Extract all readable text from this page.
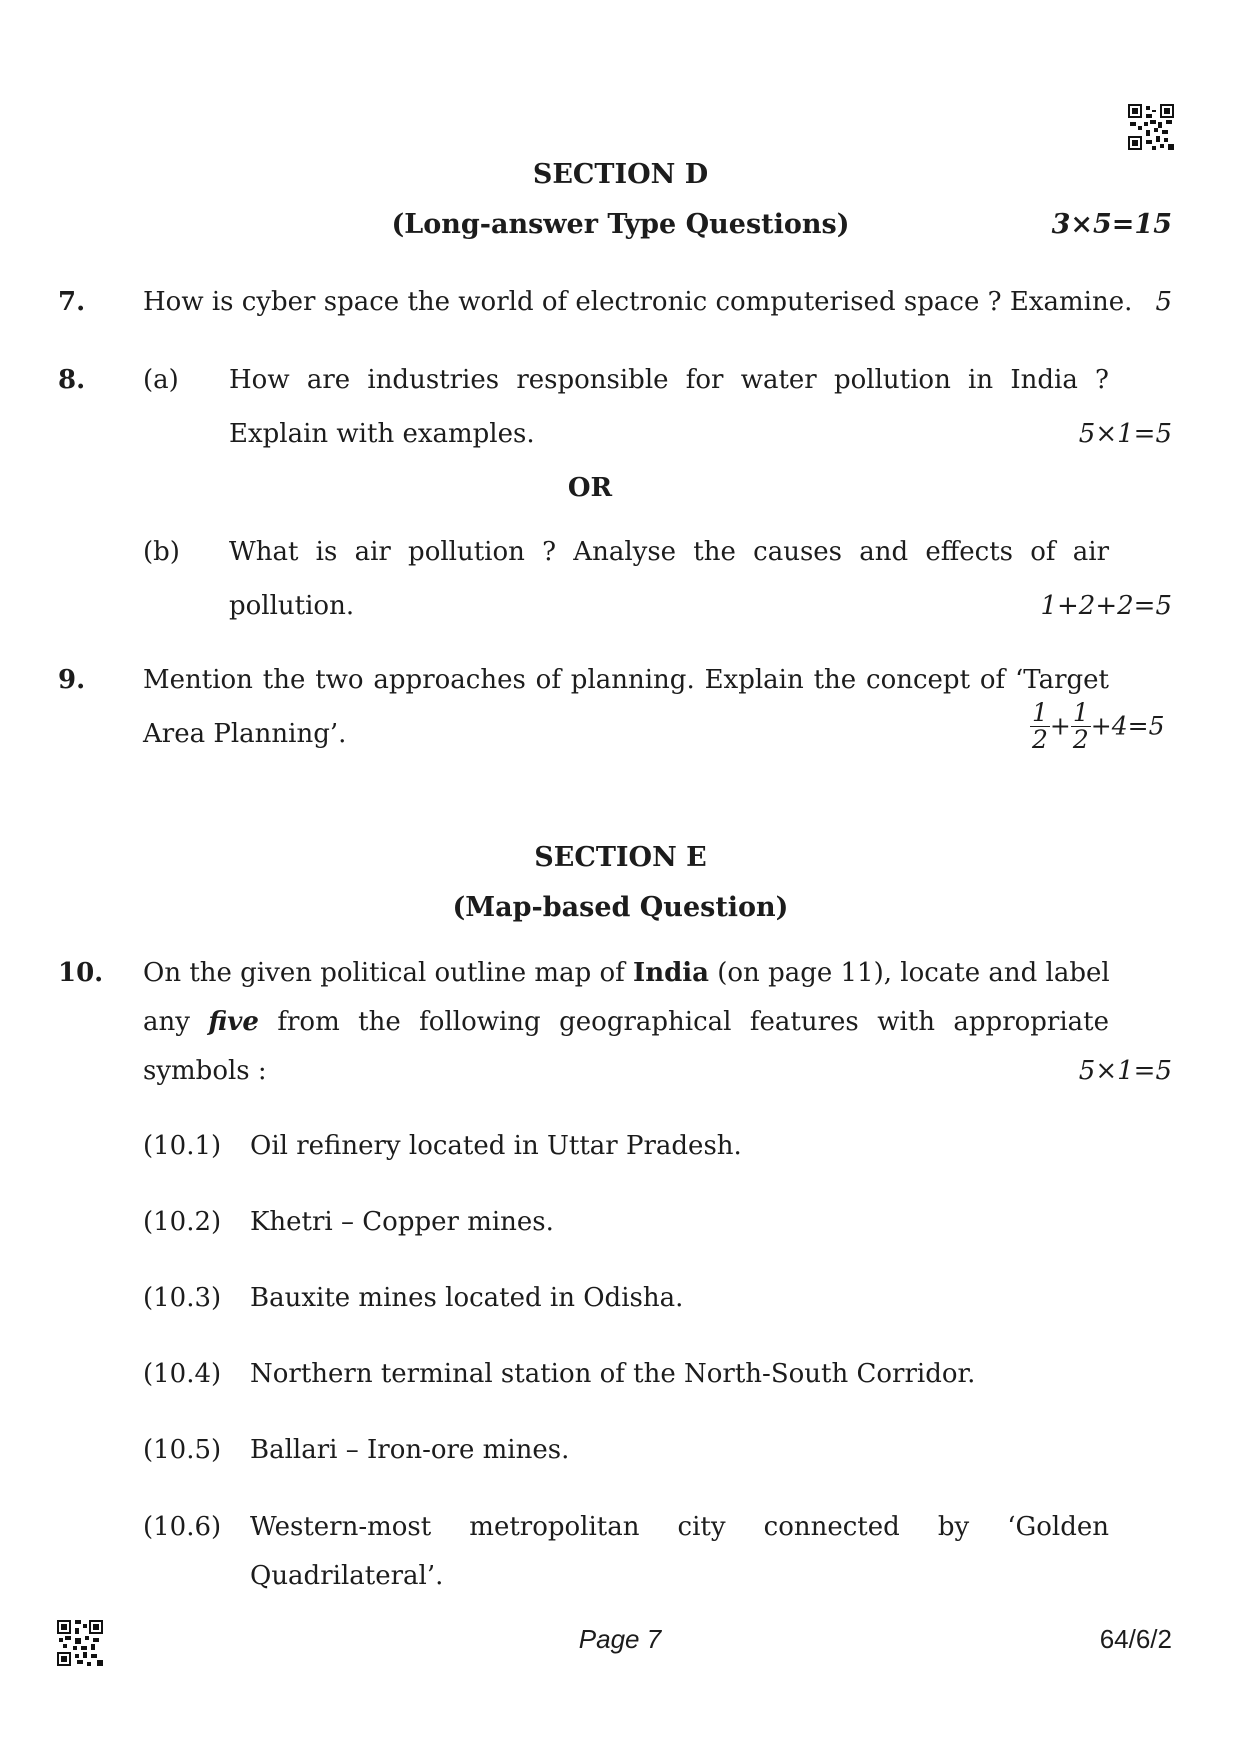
SECTION D
(Long-answer Type Questions)	3×5=15
7. How is cyber space the world of electronic computerised space ? Examine. 5
8. (a) How are industries responsible for water pollution in India ?
Explain with examples.	5×1=5
OR
(b) What is air pollution ? Analyse the causes and effects of air
pollution.	1+2+2=5
9. Mention the two approaches of planning. Explain the concept of ‘Target
Area Planning’.	$\frac{1}{2} + \frac{1}{2} +4=5$
SECTION E
(Map-based Question)
10. On the given political outline map of India (on page 11), locate and label
any five from the following geographical features with appropriate
symbols :	5×1=5
(10.1) Oil refinery located in Uttar Pradesh.
(10.2) Khetri – Copper mines.
(10.3) Bauxite mines located in Odisha.
(10.4) Northern terminal station of the North-South Corridor.
(10.5) Ballari – Iron-ore mines.
(10.6) Western-most metropolitan city connected by ‘Golden
Quadrilateral’.
Page 7	64/6/2
